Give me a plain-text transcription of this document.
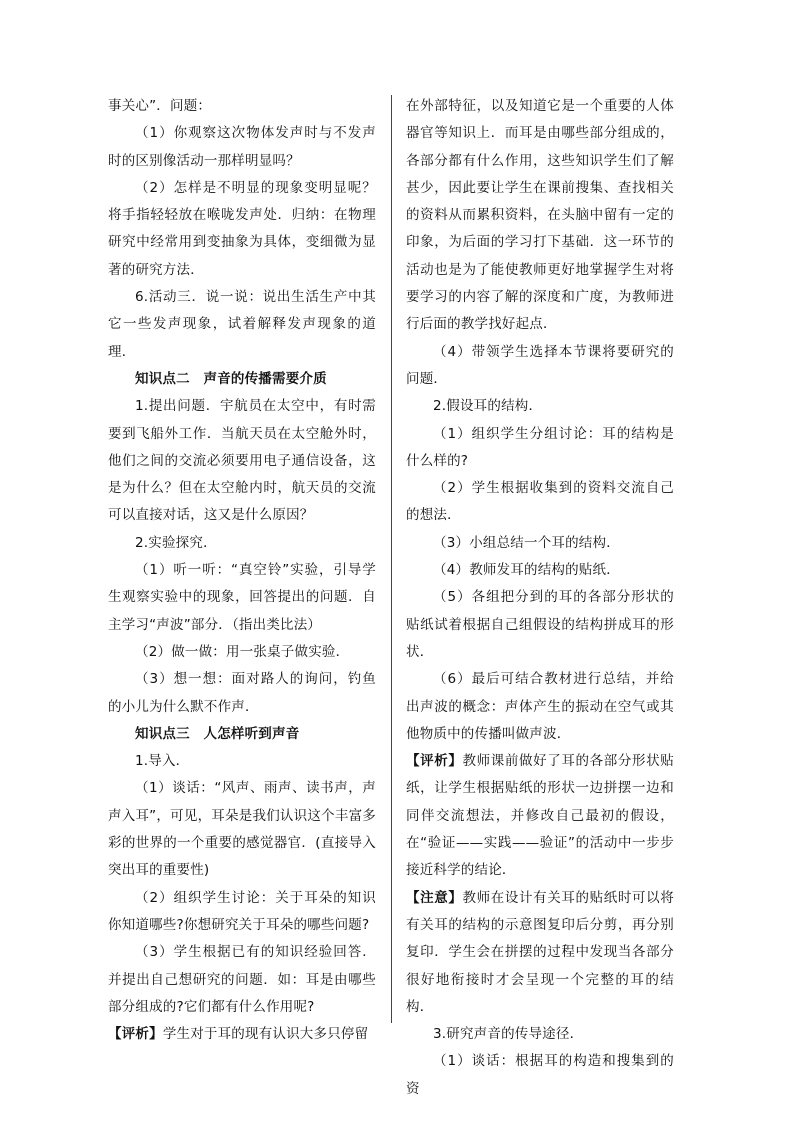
事关心”．问题：

（1）你观察这次物体发声时与不发声时的区别像活动一那样明显吗？

（2）怎样是不明显的现象变明显呢？将手指轻轻放在喉咙发声处．归纳：在物理研究中经常用到变抽象为具体，变细微为显著的研究方法．

6.活动三．说一说：说出生活生产中其它一些发声现象，试着解释发声现象的道理．

知识点二　声音的传播需要介质

1.提出问题．宇航员在太空中，有时需要到飞船外工作．当航天员在太空舱外时，他们之间的交流必须要用电子通信设备，这是为什么？但在太空舱内时，航天员的交流可以直接对话，这又是什么原因？

2.实验探究．

（1）听一听：“真空铃”实验，引导学生观察实验中的现象，回答提出的问题．自主学习“声波”部分．（指出类比法）

（2）做一做：用一张桌子做实验．

（3）想一想：面对路人的询问，钓鱼的小儿为什么默不作声．

知识点三　人怎样听到声音

1.导入．

（1）谈话：“风声、雨声、读书声，声声入耳”，可见，耳朵是我们认识这个丰富多彩的世界的一个重要的感觉器官．(直接导入突出耳的重要性)

（2）组织学生讨论：关于耳朵的知识你知道哪些?你想研究关于耳朵的哪些问题?

（3）学生根据已有的知识经验回答．并提出自己想研究的问题．如：耳是由哪些部分组成的?它们都有什么作用呢?

【评析】学生对于耳的现有认识大多只停留

在外部特征，以及知道它是一个重要的人体器官等知识上．而耳是由哪些部分组成的，各部分都有什么作用，这些知识学生们了解甚少，因此要让学生在课前搜集、查找相关的资料从而累积资料，在头脑中留有一定的印象，为后面的学习打下基础．这一环节的活动也是为了能使教师更好地掌握学生对将要学习的内容了解的深度和广度，为教师进行后面的教学找好起点．

（4）带领学生选择本节课将要研究的问题．

2.假设耳的结构．

（1）组织学生分组讨论：耳的结构是什么样的?

（2）学生根据收集到的资料交流自己的想法．

（3）小组总结一个耳的结构．

（4）教师发耳的结构的贴纸．

（5）各组把分到的耳的各部分形状的贴纸试着根据自己组假设的结构拼成耳的形状．

（6）最后可结合教材进行总结，并给出声波的概念：声体产生的振动在空气或其他物质中的传播叫做声波．

【评析】教师课前做好了耳的各部分形状贴纸，让学生根据贴纸的形状一边拼摆一边和同伴交流想法，并修改自己最初的假设，在“验证——实践——验证”的活动中一步步接近科学的结论．

【注意】教师在设计有关耳的贴纸时可以将有关耳的结构的示意图复印后分剪，再分别复印．学生会在拼摆的过程中发现当各部分很好地衔接时才会呈现一个完整的耳的结构．

3.研究声音的传导途径．

（1）谈话：根据耳的构造和搜集到的资
